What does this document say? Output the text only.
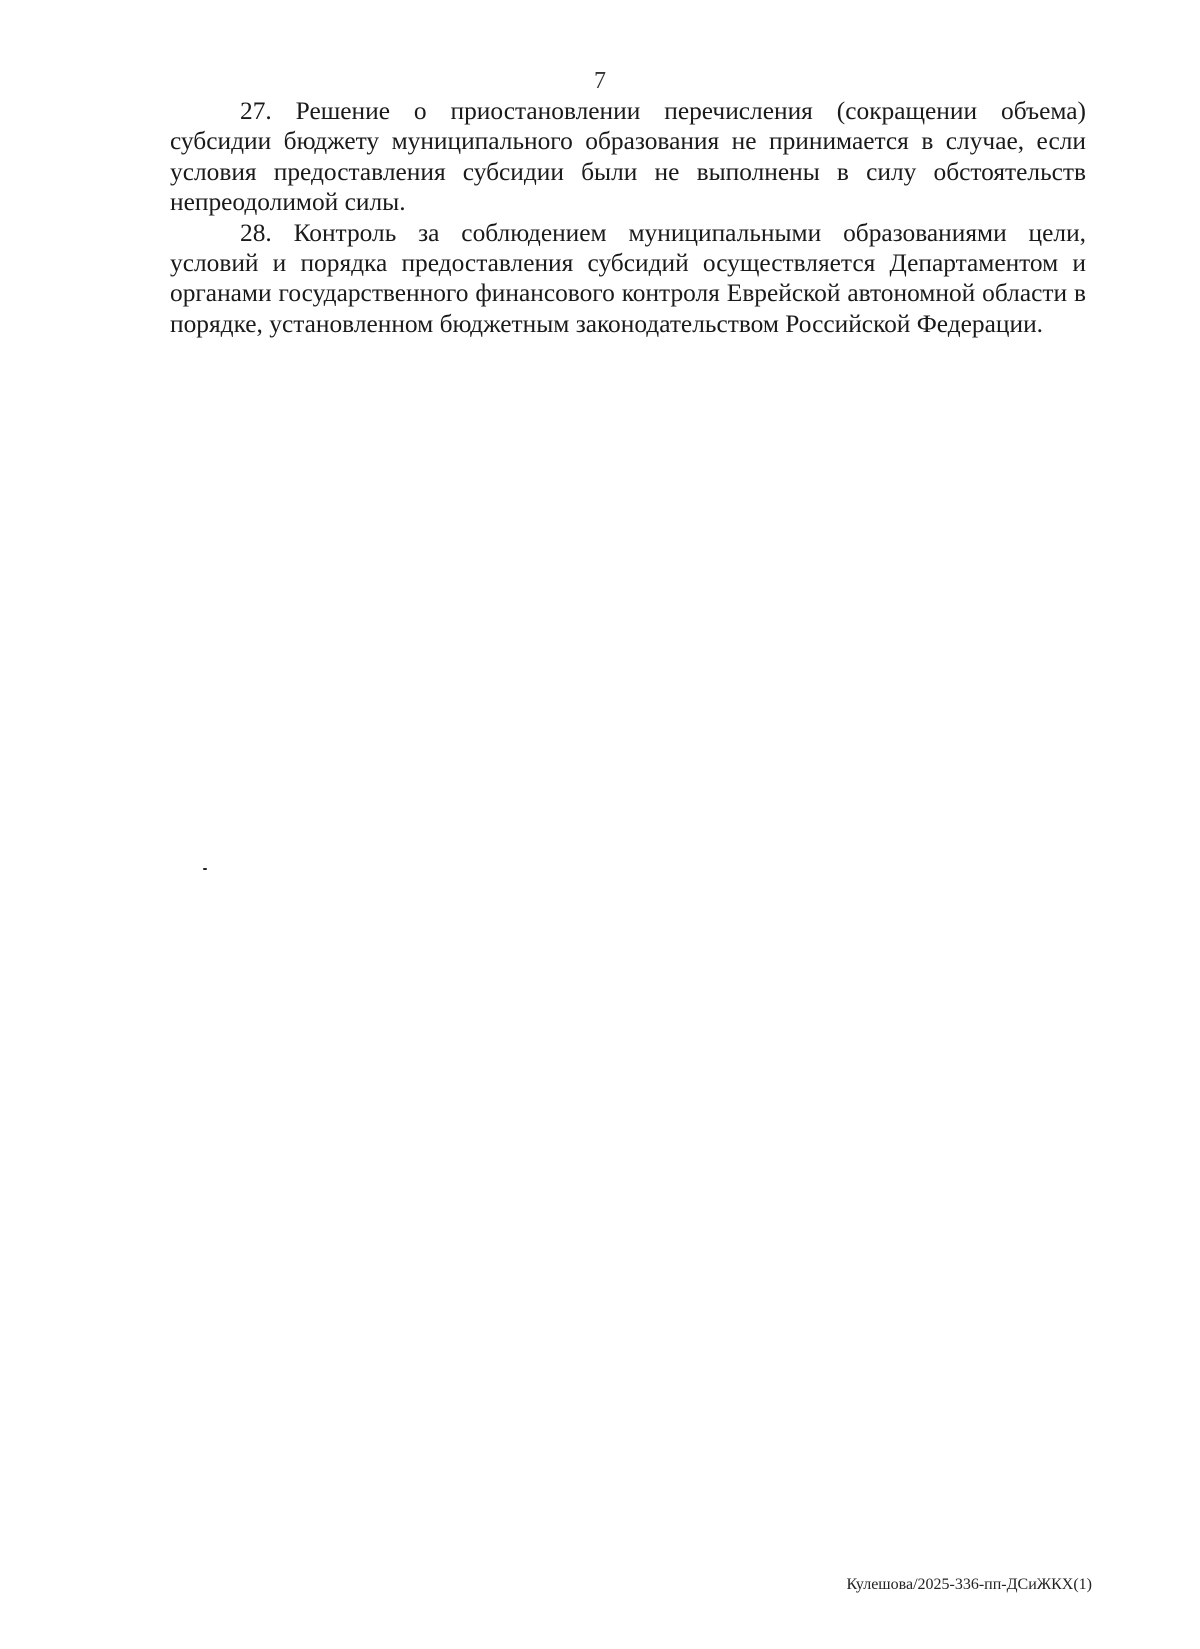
7

27. Решение о приостановлении перечисления (сокращении объема) субсидии бюджету муниципального образования не принимается в случае, если условия предоставления субсидии были не выполнены в силу обстоятельств непреодолимой силы.

28. Контроль за соблюдением муниципальными образованиями цели, условий и порядка предоставления субсидий осуществляется Департаментом и органами государственного финансового контроля Еврейской автономной области в порядке, установленном бюджетным законодательством Российской Федерации.

Кулешова/2025-336-пп-ДСиЖКХ(1)
